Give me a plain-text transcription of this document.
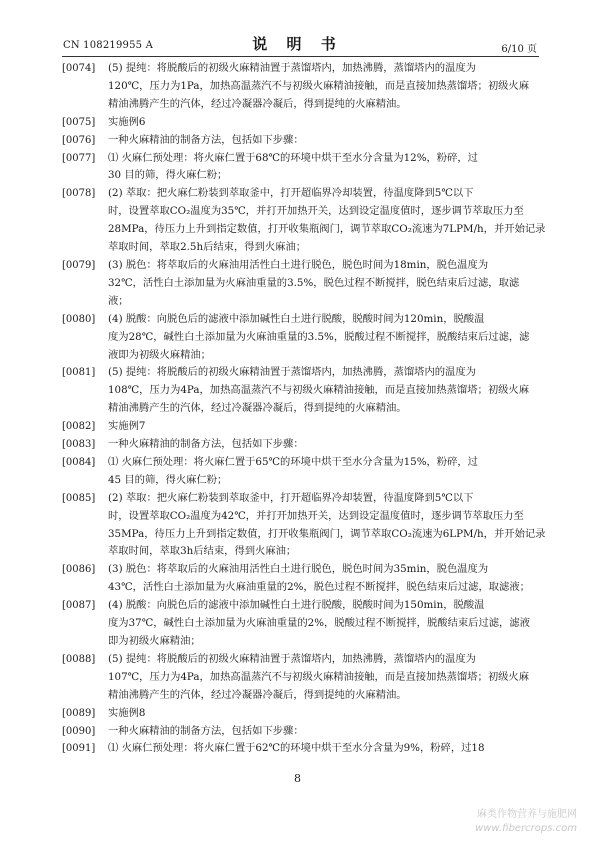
CN 108219955 A	说 明 书	6/10 页
[0074]	(5) 提纯：将脱酸后的初级火麻精油置于蒸馏塔内，加热沸腾，蒸馏塔内的温度为
120℃，压力为1Pa，加热高温蒸汽不与初级火麻精油接触，而是直接加热蒸馏塔；初级火麻
精油沸腾产生的汽体，经过冷凝器冷凝后，得到提纯的火麻精油。
[0075]	实施例6
[0076]	一种火麻精油的制备方法，包括如下步骤：
[0077]	⑴ 火麻仁预处理：将火麻仁置于68℃的环境中烘干至水分含量为12%，粉碎，过
30 目的筛，得火麻仁粉；
[0078]	(2) 萃取：把火麻仁粉装到萃取釜中，打开超临界冷却装置，待温度降到5℃以下
时，设置萃取CO₂温度为35℃，并打开加热开关，达到设定温度值时，逐步调节萃取压力至
28MPa，待压力上升到指定数值，打开收集瓶阀门，调节萃取CO₂流速为7LPM/h，并开始记录
萃取时间，萃取2.5h后结束，得到火麻油；
[0079]	(3) 脱色：将萃取后的火麻油用活性白土进行脱色，脱色时间为18min，脱色温度为
32℃，活性白土添加量为火麻油重量的3.5%，脱色过程不断搅拌，脱色结束后过滤，取滤
液；
[0080]	(4) 脱酸：向脱色后的滤液中添加碱性白土进行脱酸，脱酸时间为120min，脱酸温
度为28℃，碱性白土添加量为火麻油重量的3.5%，脱酸过程不断搅拌，脱酸结束后过滤，滤
液即为初级火麻精油；
[0081]	(5) 提纯：将脱酸后的初级火麻精油置于蒸馏塔内，加热沸腾，蒸馏塔内的温度为
108℃，压力为4Pa，加热高温蒸汽不与初级火麻精油接触，而是直接加热蒸馏塔；初级火麻
精油沸腾产生的汽体，经过冷凝器冷凝后，得到提纯的火麻精油。
[0082]	实施例7
[0083]	一种火麻精油的制备方法，包括如下步骤：
[0084]	⑴ 火麻仁预处理：将火麻仁置于65℃的环境中烘干至水分含量为15%，粉碎，过
45 目的筛，得火麻仁粉；
[0085]	(2) 萃取：把火麻仁粉装到萃取釜中，打开超临界冷却装置，待温度降到5℃以下
时，设置萃取CO₂温度为42℃，并打开加热开关，达到设定温度值时，逐步调节萃取压力至
35MPa，待压力上升到指定数值，打开收集瓶阀门，调节萃取CO₂流速为6LPM/h，并开始记录
萃取时间，萃取3h后结束，得到火麻油；
[0086]	(3) 脱色：将萃取后的火麻油用活性白土进行脱色，脱色时间为35min，脱色温度为
43℃，活性白土添加量为火麻油重量的2%，脱色过程不断搅拌，脱色结束后过滤，取滤液；
[0087]	(4) 脱酸：向脱色后的滤液中添加碱性白土进行脱酸，脱酸时间为150min，脱酸温
度为37℃，碱性白土添加量为火麻油重量的2%，脱酸过程不断搅拌，脱酸结束后过滤，滤液
即为初级火麻精油；
[0088]	(5) 提纯：将脱酸后的初级火麻精油置于蒸馏塔内，加热沸腾，蒸馏塔内的温度为
107℃，压力为4Pa，加热高温蒸汽不与初级火麻精油接触，而是直接加热蒸馏塔；初级火麻
精油沸腾产生的汽体，经过冷凝器冷凝后，得到提纯的火麻精油。
[0089]	实施例8
[0090]	一种火麻精油的制备方法，包括如下步骤：
[0091]	⑴ 火麻仁预处理：将火麻仁置于62℃的环境中烘干至水分含量为9%，粉碎，过18
8
麻类作物营养与施肥网
www.fibercrops.com
